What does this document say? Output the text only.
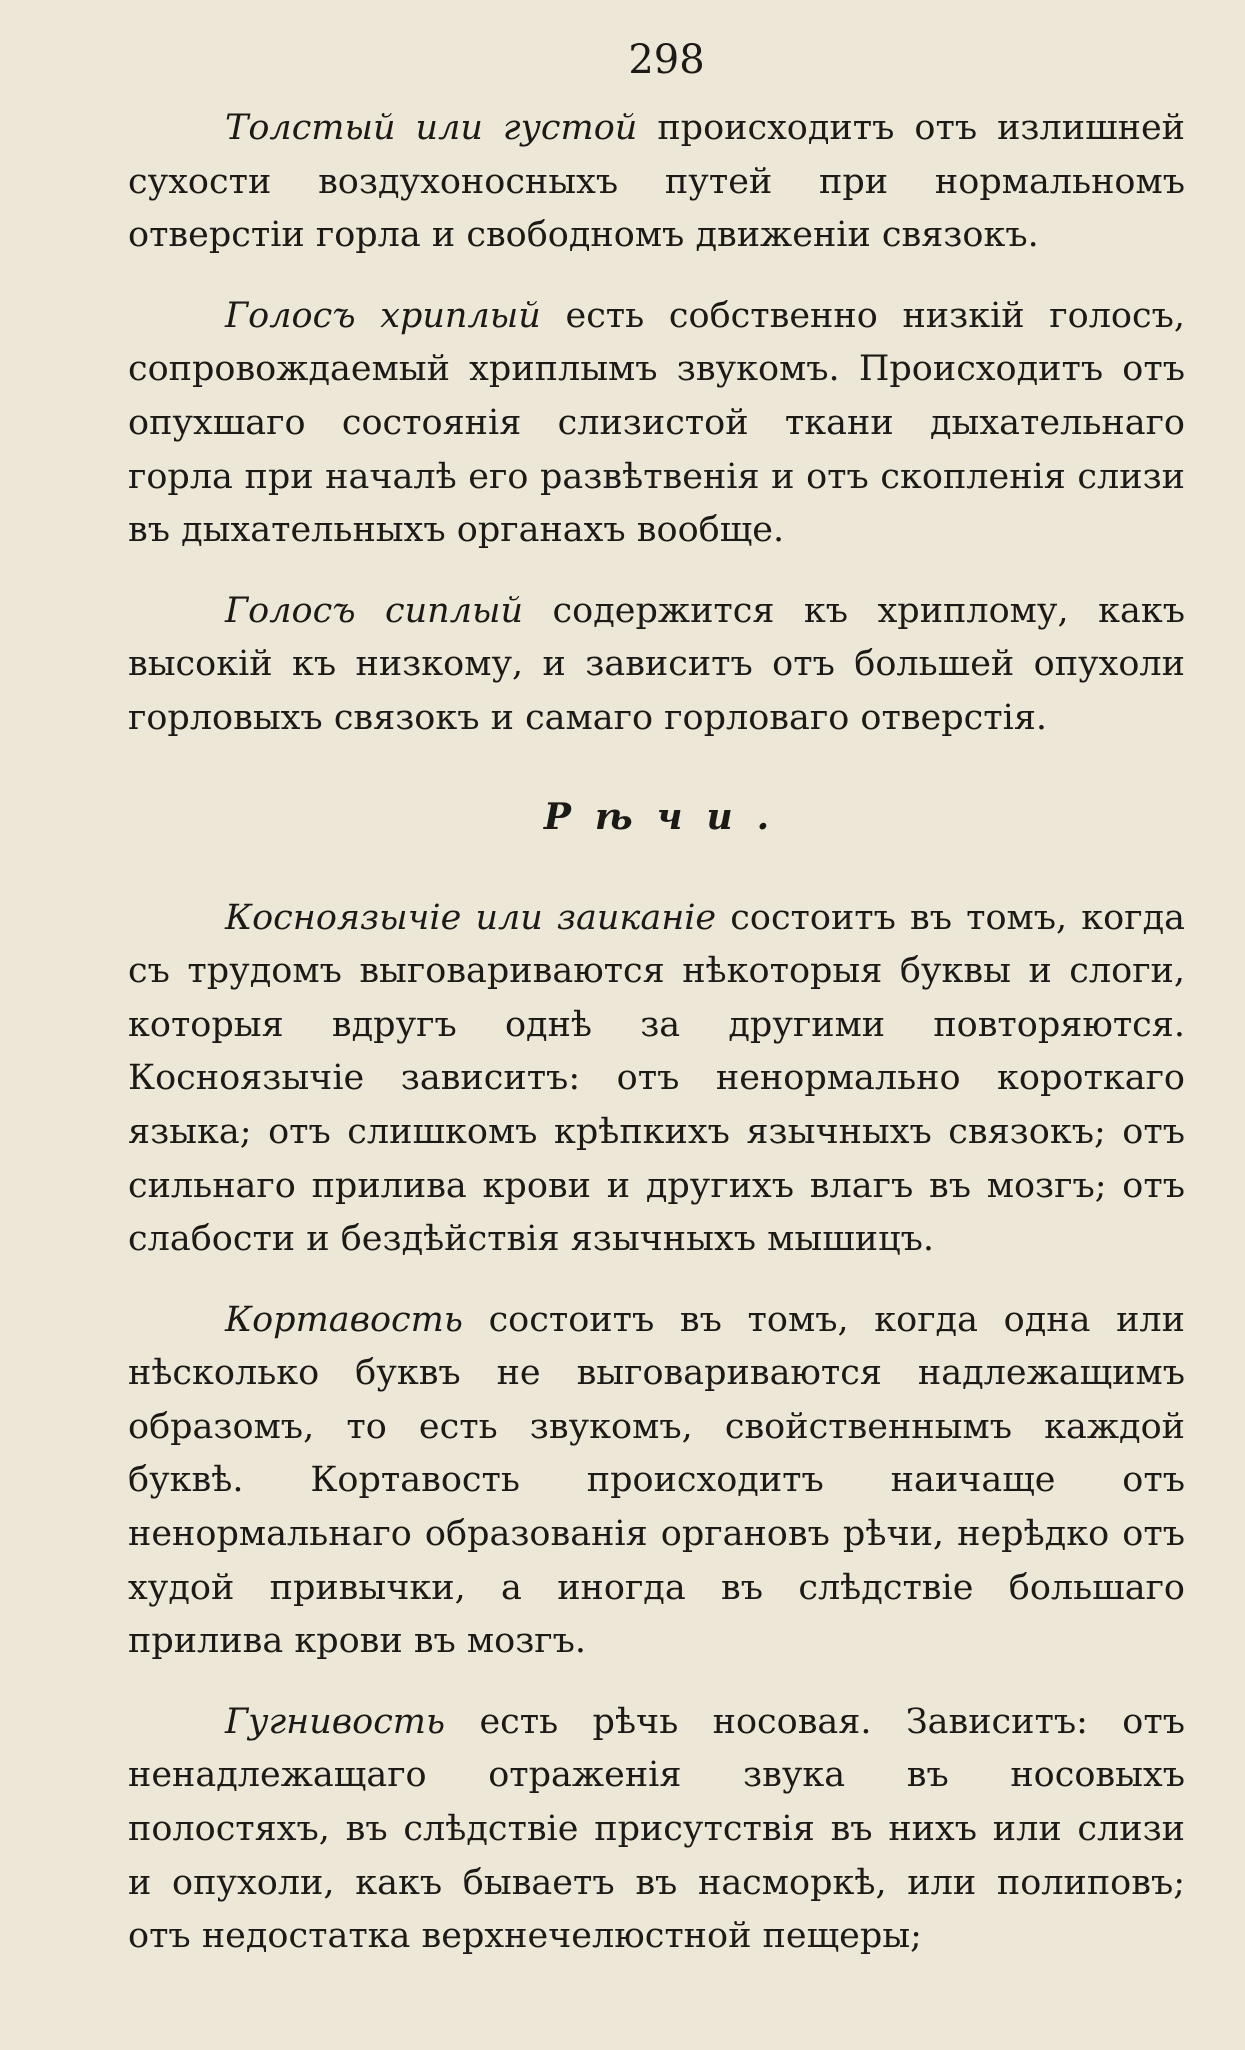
298

Толстый или густой происходитъ отъ излишней сухости воздухоносныхъ путей при нормальномъ отверстіи горла и свободномъ движеніи связокъ.

Голосъ хриплый есть собственно низкій голосъ, сопровождаемый хриплымъ звукомъ. Происходитъ отъ опухшаго состоянія слизистой ткани дыхательнаго горла при началѣ его развѣтвенія и отъ скопленія слизи въ дыхательныхъ органахъ вообще.

Голосъ сиплый содержится къ хриплому, какъ высокій къ низкому, и зависитъ отъ большей опухоли горловыхъ связокъ и самаго горловаго отверстія.

Рѣчи.

Косноязычіе или заиканіе состоитъ въ томъ, когда съ трудомъ выговариваются нѣкоторыя буквы и слоги, которыя вдругъ однѣ за другими повторяются. Косноязычіе зависитъ: отъ ненормально короткаго языка; отъ слишкомъ крѣпкихъ язычныхъ связокъ; отъ сильнаго прилива крови и другихъ влагъ въ мозгъ; отъ слабости и бездѣйствія язычныхъ мышицъ.

Кортавость состоитъ въ томъ, когда одна или нѣсколько буквъ не выговариваются надлежащимъ образомъ, то есть звукомъ, свойственнымъ каждой буквѣ. Кортавость происходитъ наичаще отъ ненормальнаго образованія органовъ рѣчи, нерѣдко отъ худой привычки, а иногда въ слѣдствіе большаго прилива крови въ мозгъ.

Гугнивость есть рѣчь носовая. Зависитъ: отъ ненадлежащаго отраженія звука въ носовыхъ полостяхъ, въ слѣдствіе присутствія въ нихъ или слизи и опухоли, какъ бываетъ въ насморкѣ, или полиповъ; отъ недостатка верхнечелюстной пещеры;
